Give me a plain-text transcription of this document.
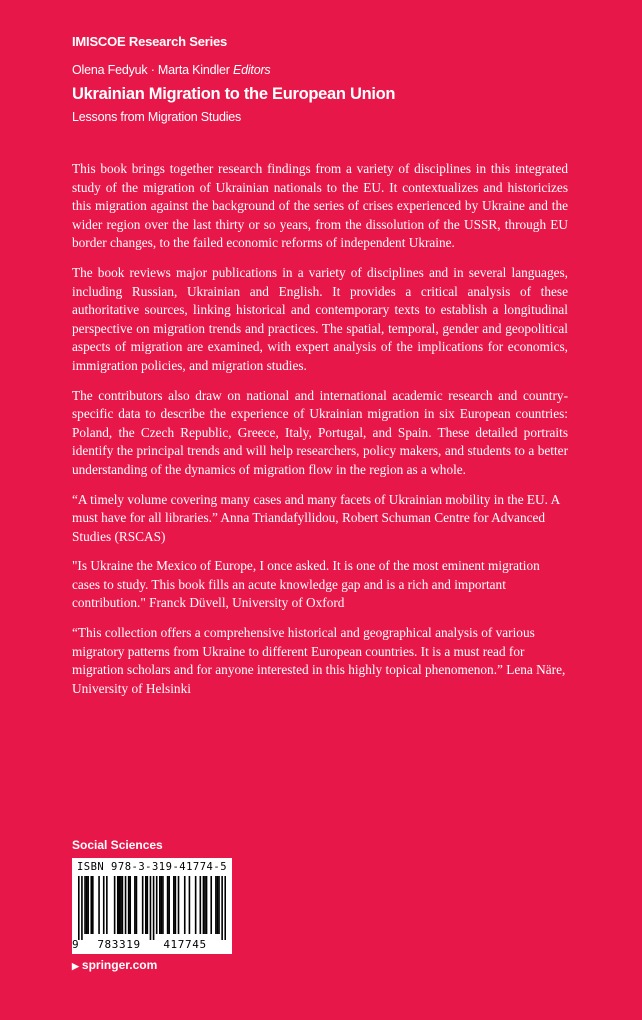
IMISCOE Research Series
Olena Fedyuk · Marta Kindler Editors
Ukrainian Migration to the European Union
Lessons from Migration Studies

This book brings together research findings from a variety of disciplines in this integrated study of the migration of Ukrainian nationals to the EU. It contextualizes and historicizes this migration against the background of the series of crises experienced by Ukraine and the wider region over the last thirty or so years, from the dissolution of the USSR, through EU border changes, to the failed economic reforms of independent Ukraine.

The book reviews major publications in a variety of disciplines and in several languages, including Russian, Ukrainian and English. It provides a critical analysis of these authoritative sources, linking historical and contemporary texts to establish a longitudinal perspective on migration trends and practices. The spatial, temporal, gender and geopolitical aspects of migration are examined, with expert analysis of the implications for economics, immigration policies, and migration studies.

The contributors also draw on national and international academic research and country-specific data to describe the experience of Ukrainian migration in six European countries: Poland, the Czech Republic, Greece, Italy, Portugal, and Spain. These detailed portraits identify the principal trends and will help researchers, policy makers, and students to a better understanding of the dynamics of migration flow in the region as a whole.

“A timely volume covering many cases and many facets of Ukrainian mobility in the EU. A must have for all libraries.” Anna Triandafyllidou, Robert Schuman Centre for Advanced Studies (RSCAS)

"Is Ukraine the Mexico of Europe, I once asked. It is one of the most eminent migration cases to study. This book fills an acute knowledge gap and is a rich and important contribution." Franck Düvell, University of Oxford

“This collection offers a comprehensive historical and geographical analysis of various migratory patterns from Ukraine to different European countries. It is a must read for migration scholars and for anyone interested in this highly topical phenomenon.” Lena Näre, University of Helsinki

Social Sciences
ISBN 978-3-319-41774-5
9	783319	417745
▶ springer.com
